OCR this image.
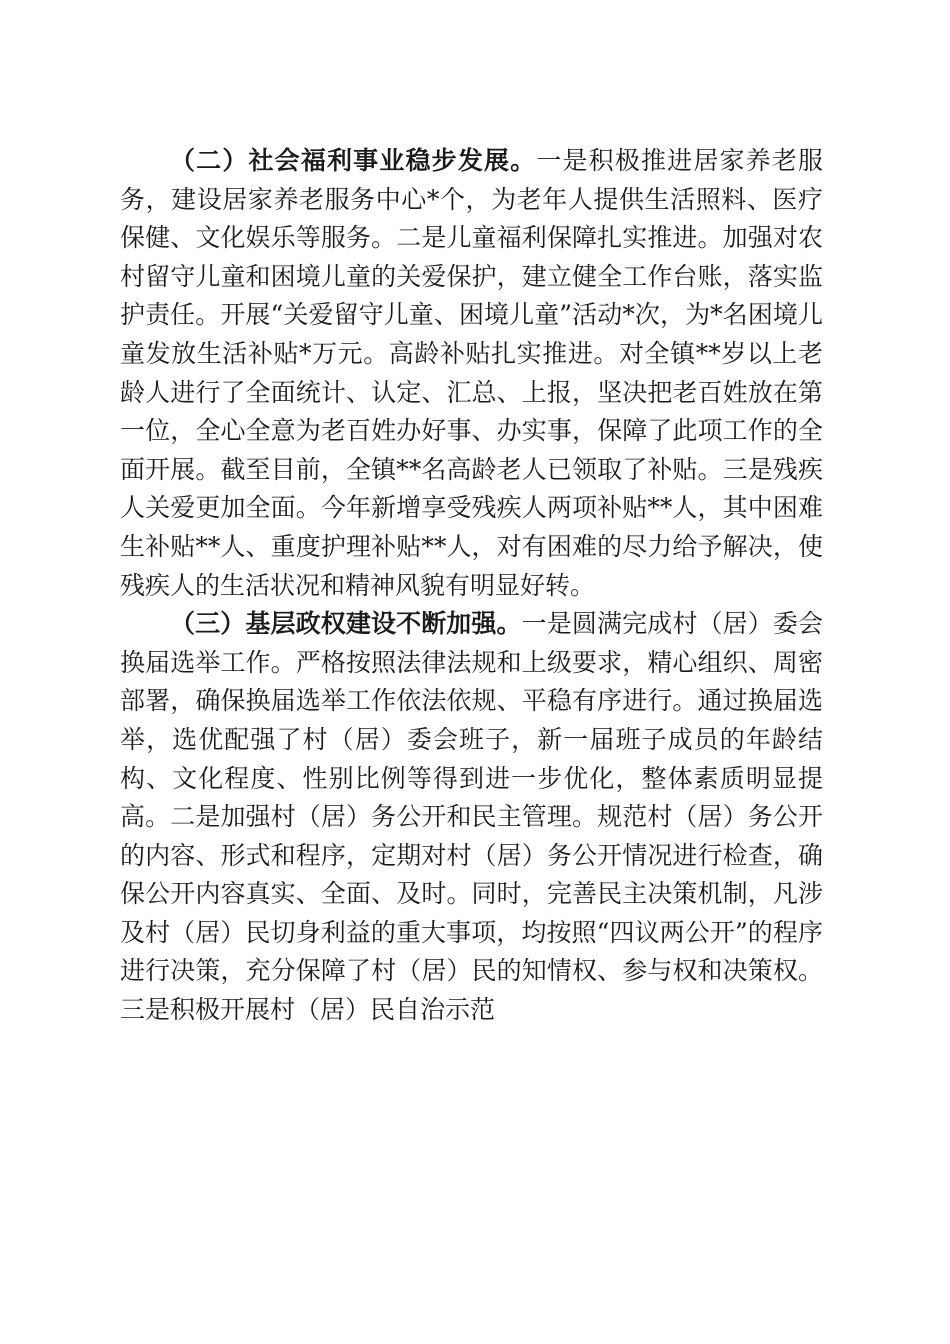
（二）社会福利事业稳步发展。一是积极推进居家养老服务，建设居家养老服务中心*个，为老年人提供生活照料、医疗保健、文化娱乐等服务。二是儿童福利保障扎实推进。加强对农村留守儿童和困境儿童的关爱保护，建立健全工作台账，落实监护责任。开展“关爱留守儿童、困境儿童”活动*次，为*名困境儿童发放生活补贴*万元。高龄补贴扎实推进。对全镇**岁以上老龄人进行了全面统计、认定、汇总、上报，坚决把老百姓放在第一位，全心全意为老百姓办好事、办实事，保障了此项工作的全面开展。截至目前，全镇**名高龄老人已领取了补贴。三是残疾人关爱更加全面。今年新增享受残疾人两项补贴**人，其中困难生补贴**人、重度护理补贴**人，对有困难的尽力给予解决，使残疾人的生活状况和精神风貌有明显好转。

（三）基层政权建设不断加强。一是圆满完成村（居）委会换届选举工作。严格按照法律法规和上级要求，精心组织、周密部署，确保换届选举工作依法依规、平稳有序进行。通过换届选举，选优配强了村（居）委会班子，新一届班子成员的年龄结构、文化程度、性别比例等得到进一步优化，整体素质明显提高。二是加强村（居）务公开和民主管理。规范村（居）务公开的内容、形式和程序，定期对村（居）务公开情况进行检查，确保公开内容真实、全面、及时。同时，完善民主决策机制，凡涉及村（居）民切身利益的重大事项，均按照“四议两公开”的程序进行决策，充分保障了村（居）民的知情权、参与权和决策权。三是积极开展村（居）民自治示范
